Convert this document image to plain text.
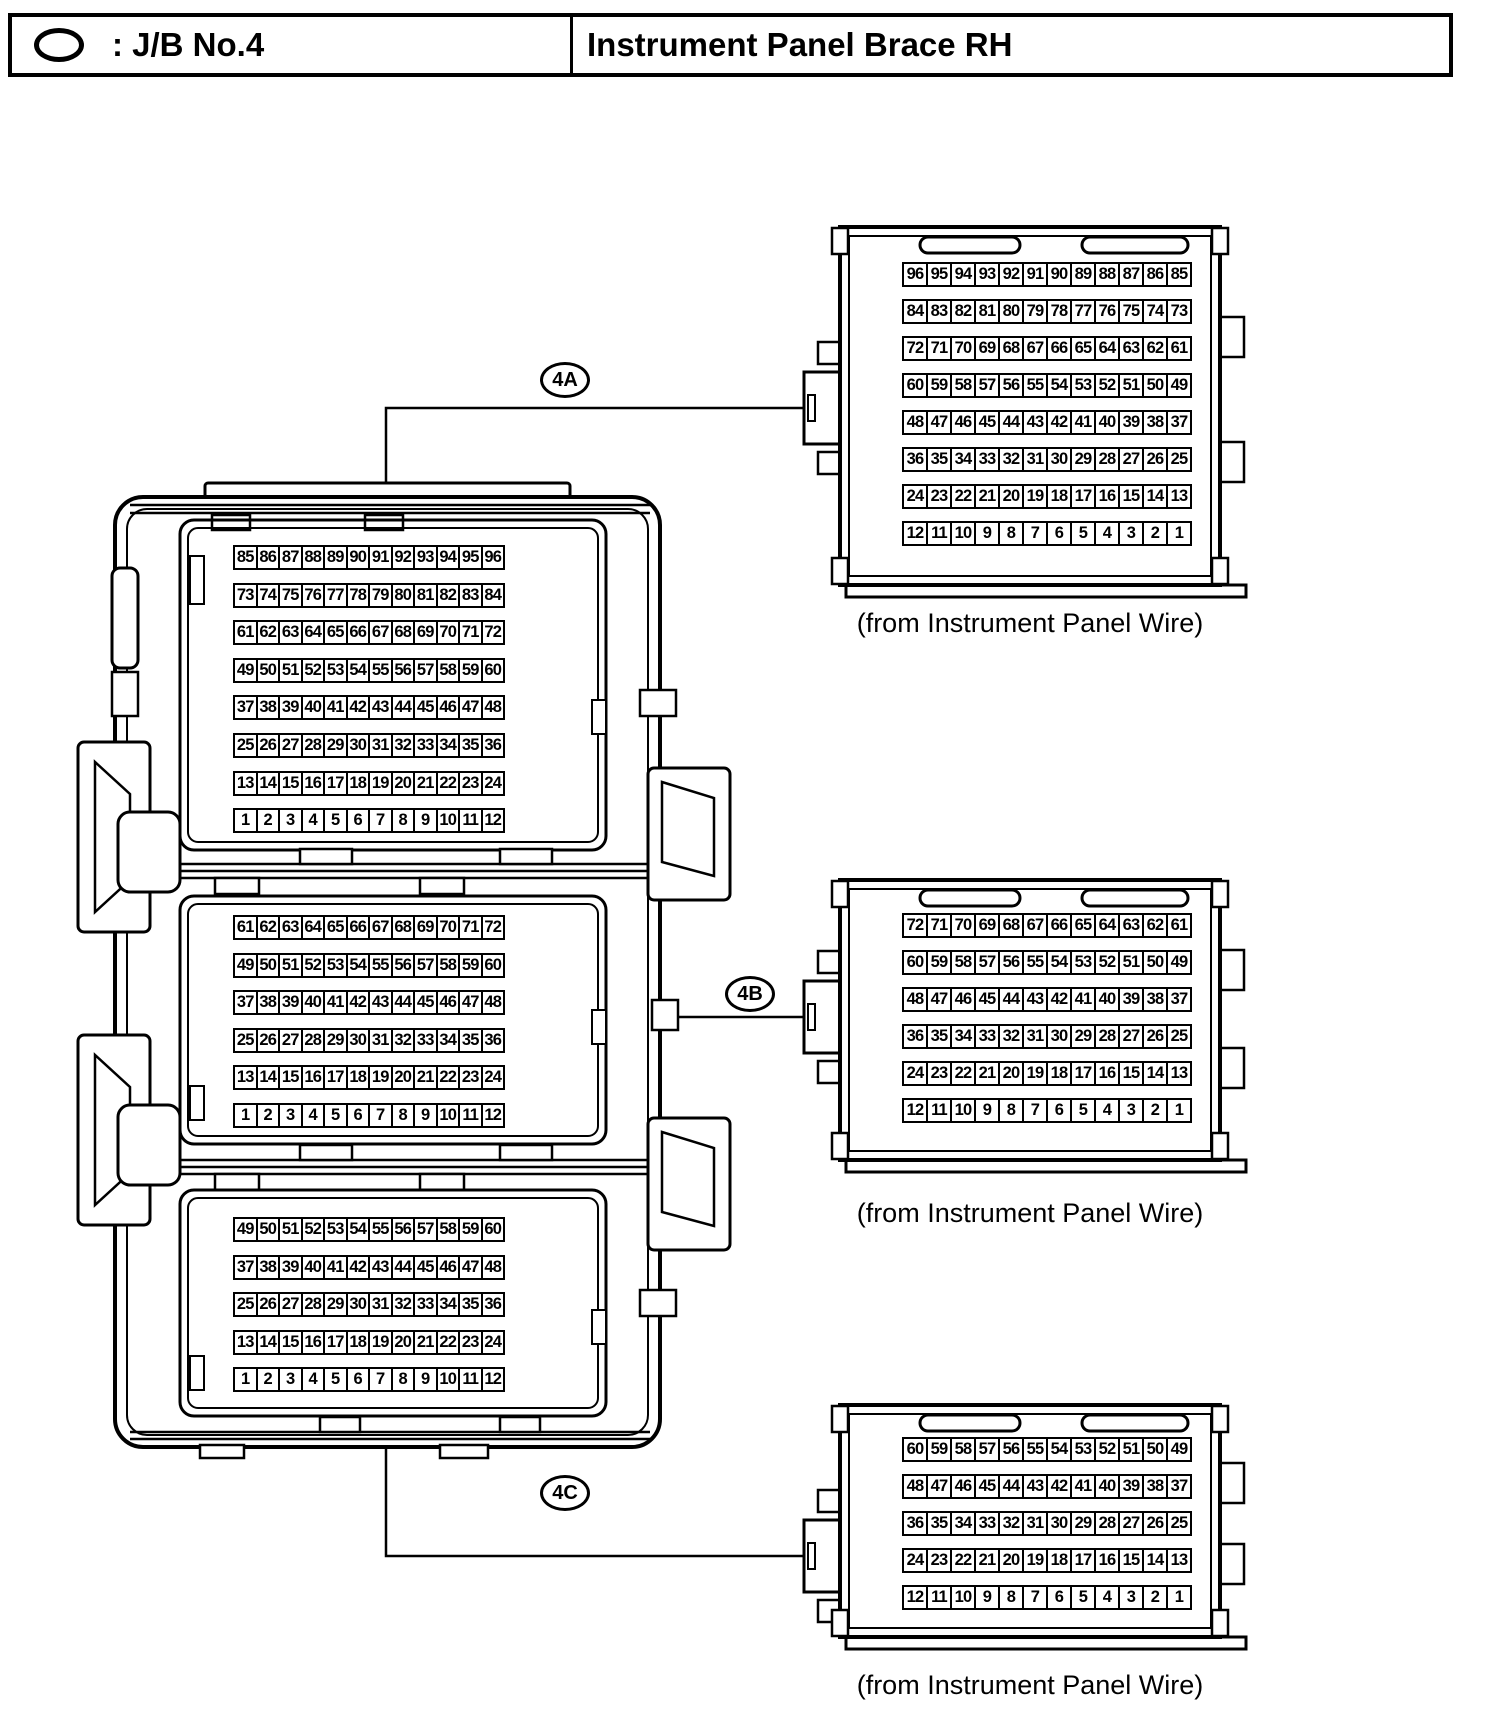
: J/B No.4	Instrument Panel Brace RH
85 86 87 88 89 90 91 92 93 94 95 96
73 74 75 76 77 78 79 80 81 82 83 84
61 62 63 64 65 66 67 68 69 70 71 72
49 50 51 52 53 54 55 56 57 58 59 60
37 38 39 40 41 42 43 44 45 46 47 48
25 26 27 28 29 30 31 32 33 34 35 36
13 14 15 16 17 18 19 20 21 22 23 24
1 2 3 4 5 6 7 8 9 10 11 12
61 62 63 64 65 66 67 68 69 70 71 72
49 50 51 52 53 54 55 56 57 58 59 60
37 38 39 40 41 42 43 44 45 46 47 48
25 26 27 28 29 30 31 32 33 34 35 36
13 14 15 16 17 18 19 20 21 22 23 24
1 2 3 4 5 6 7 8 9 10 11 12
49 50 51 52 53 54 55 56 57 58 59 60
37 38 39 40 41 42 43 44 45 46 47 48
25 26 27 28 29 30 31 32 33 34 35 36
13 14 15 16 17 18 19 20 21 22 23 24
1 2 3 4 5 6 7 8 9 10 11 12
96 95 94 93 92 91 90 89 88 87 86 85
84 83 82 81 80 79 78 77 76 75 74 73
72 71 70 69 68 67 66 65 64 63 62 61
60 59 58 57 56 55 54 53 52 51 50 49
48 47 46 45 44 43 42 41 40 39 38 37
36 35 34 33 32 31 30 29 28 27 26 25
24 23 22 21 20 19 18 17 16 15 14 13
12 11 10 9 8 7 6 5 4 3 2 1
72 71 70 69 68 67 66 65 64 63 62 61
60 59 58 57 56 55 54 53 52 51 50 49
48 47 46 45 44 43 42 41 40 39 38 37
36 35 34 33 32 31 30 29 28 27 26 25
24 23 22 21 20 19 18 17 16 15 14 13
12 11 10 9 8 7 6 5 4 3 2 1
60 59 58 57 56 55 54 53 52 51 50 49
48 47 46 45 44 43 42 41 40 39 38 37
36 35 34 33 32 31 30 29 28 27 26 25
24 23 22 21 20 19 18 17 16 15 14 13
12 11 10 9 8 7 6 5 4 3 2 1
4A
4B
4C
(from Instrument Panel Wire)
(from Instrument Panel Wire)
(from Instrument Panel Wire)
